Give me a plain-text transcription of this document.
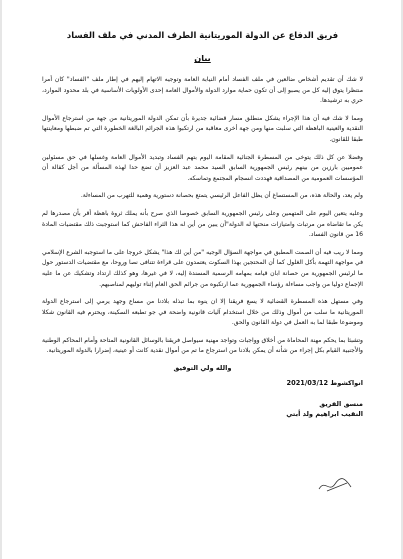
فريق الدفاع عن الدولة الموريتانية الطرف المدني في ملف الفساد
بيان

لا شك أن تقديم أشخاص ضالعين في ملف الفساد أمام النيابة العامة وتوجيه الاتهام إليهم في إطار ملف "الفساد" كان أمرا منتظرا يتوق إليه كل من يصبو إلى أن تكون حماية موارد الدولة والأموال العامة إحدى الأولويات الأساسية في بلد محدود الموارد، حري به ترشيدها.

ومما لا شك فيه أن هذا الإجراء يشكل منطلق مسار قضائية جديرة بأن تمكن الدولة الموريتانية من جهة من استرجاع الأموال النقدية والعينية الباهظة التي سلبت منها ومن جهة أخرى معاقبة من ارتكبوا هذه الجرائم البالغة الخطورة التي تم ضبطها ومعاينتها طبقا للقانون.

وفضلا عن كل ذلك يتوخى من المسطرة الجنائية المقامة اليوم بتهم الفساد وتبديد الأموال العامة وغسلها في حق مسئولين عموميين بارزين من بينهم رئيس الجمهورية السابق السيد محمد عبد العزيز أن تضع حدا لهذه المسألة من أجل كفالة أن المؤسسات العمومية من المصداقية فهددت انسجام المجتمع وتماسكه.

ولم يعد، والحالة هذه، من المستساغ أن يظل الفاعل الرئيسي يتمتع بحصانة دستورية وهمية للتهرب من المساءلة.

وعليه يتعين اليوم على المتهمين وعلى رئيس الجمهورية السابق خصوصا الذي صرح بأنه يملك ثروة باهظة أقر بأن مصدرها لم يكن ما تقاضاه من مرتبات وامتيازات منحتها له الدولة"أن يبين من أين له هذا الثراء الفاحش كما استوجبت ذلك مقتضيات المادة 16 من قانون الفساد.

ومما لا ريب فيه أن الصمت المطبق في مواجهة السؤال الوجيه "من أين لك هذا" يشكل خروجا على ما استوجبه الشرع الإسلامي في مواجهة التهمة بأكل الغلول كما أن المحتجين بهذا السكوت يعتمدون على قراءة تتنافى نصا وروحا، مع مقتضيات الدستور حول ما لرئيس الجمهورية من حصانة ابان قيامه بمهامه الرسمية المسندة إليه، لا في غيرها، وهو كذلك ارتداد وتشكيك عن ما عليه الإجماع دوليا من واجب مساءلة رؤساء الجمهورية عما ارتكبوه من جرائم الحق العام إثناء توليهم لمناصبهم.

وفي مستهل هذه المسطرة القضائية لا يسع فريقنا إلا ان ينوه بما تبذله بلادنا من مساع وجهد يرمي إلى استرجاع الدولة الموريتانية ما سلب من أموال وذلك من خلال استخدام آليات قانونية واضحة في جو تطبعه السكينة، ويحترم فيه القانون شكلا وموضوعا طبقا لما به العمل في دولة القانون والحق.

وتشبثا بما يحكم مهنة المحاماة من أخلاق وواجبات وتواجد مهنية سيواصل فريقنا بالوسائل القانونية المتاحة وأمام المحاكم الوطنية والأجنبية القيام بكل إجراء من شأنه أن يمكن بلادنا من استرجاع ما تم من أموال نقدية كانت أو عينية، إضرارا بالدولة الموريتانية.

والله ولي التوفيق
انواكشوط 2021/03/12
منسق الفريق
النقيب ابراهيم ولد أبتي
